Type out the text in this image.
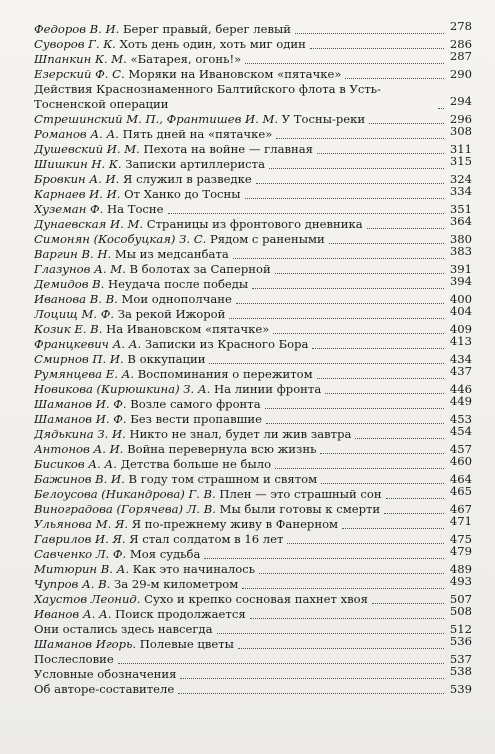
Федоров В. И. Берег правый, берег левый	278
Суворов Г. К. Хоть день один, хоть миг один	286
Шпанкин К. М. «Батарея, огонь!»	287
Езерский Ф. С. Моряки на Ивановском «пятачке»	290
Действия Краснознаменного Балтийского флота в Усть-Тосненской операции	294
Стрешинский М. П., Франтишев И. М. У Тосны-реки	296
Романов А. А. Пять дней на «пятачке»	308
Душевский И. М. Пехота на войне — главная	311
Шишкин Н. К. Записки артиллериста	315
Бровкин А. И. Я служил в разведке	324
Карнаев И. И. От Ханко до Тосны	334
Хуземан Ф. На Тосне	351
Дунаевская И. М. Страницы из фронтового дневника	364
Симонян (Кособуцкая) З. С. Рядом с ранеными	380
Варгин В. Н. Мы из медсанбата	383
Глазунов А. М. В болотах за Саперной	391
Демидов В. Неудача после победы	394
Иванова В. В. Мои однополчане	400
Лоцищ М. Ф. За рекой Ижорой	404
Козик Е. В. На Ивановском «пятачке»	409
Францкевич А. А. Записки из Красного Бора	413
Смирнов П. И. В оккупации	434
Румянцева Е. А. Воспоминания о пережитом	437
Новикова (Кирюшкина) З. А. На линии фронта	446
Шаманов И. Ф. Возле самого фронта	449
Шаманов И. Ф. Без вести пропавшие	453
Дядькина З. И. Никто не знал, будет ли жив завтра	454
Антонов А. И. Война перевернула всю жизнь	457
Бисиков А. А. Детства больше не было	460
Бажинов В. И. В году том страшном и святом	464
Белоусова (Никандрова) Г. В. Плен — это страшный сон	465
Виноградова (Горячева) Л. В. Мы были готовы к смерти	467
Ульянова М. Я. Я по-прежнему живу в Фанерном	471
Гаврилов И. Я. Я стал солдатом в 16 лет	475
Савченко Л. Ф. Моя судьба	479
Митюрин В. А. Как это начиналось	489
Чупров А. В. За 29-м километром	493
Хаустов Леонид. Сухо и крепко сосновая пахнет хвоя	507
Иванов А. А. Поиск продолжается	508
Они остались здесь навсегда	512
Шаманов Игорь. Полевые цветы	536
Послесловие	537
Условные обозначения	538
Об авторе-составителе	539
